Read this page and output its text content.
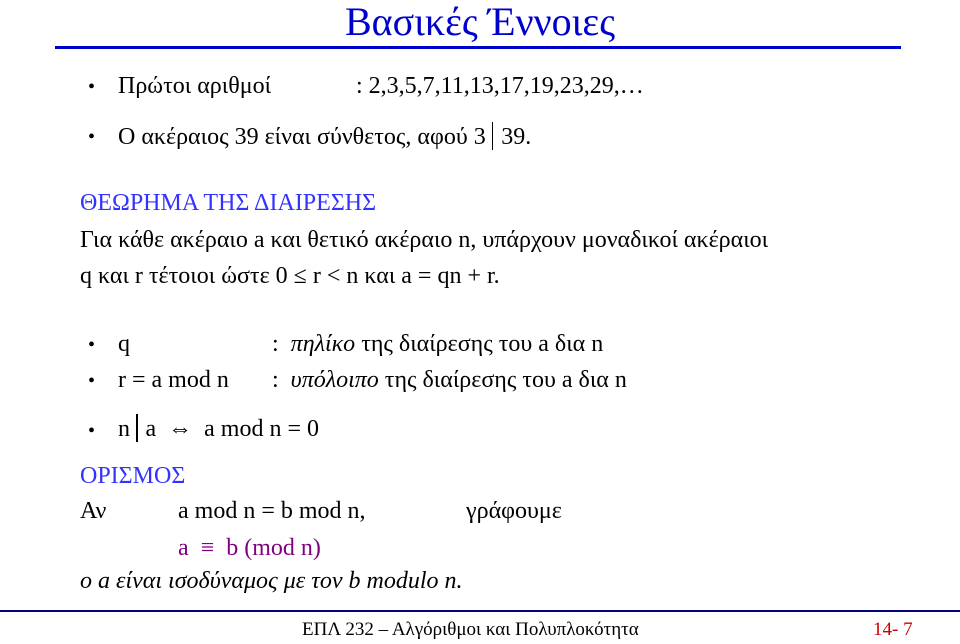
Βασικές Έννοιες
• Πρώτοι αριθμοί	: 2,3,5,7,11,13,17,19,23,29,…
• Ο ακέραιος 39 είναι σύνθετος, αφού 3 39.
ΘΕΩΡΗΜΑ ΤΗΣ ΔΙΑΙΡΕΣΗΣ
Για κάθε ακέραιο a και θετικό ακέραιο n, υπάρχουν μοναδικοί ακέραιοι
q και r τέτοιοι ώστε 0 ≤ r < n και a = qn + r.
• q	: πηλίκο της διαίρεσης του a δια n
• r = a mod n : υπόλοιπο της διαίρεσης του a δια n
• n a ⇔ a mod n = 0
ΟΡΙΣΜΟΣ
Αν	a mod n = b mod n,	γράφουμε
a ≡ b (mod n)
ο a είναι ισοδύναμος με τον b modulo n.
ΕΠΛ 232 – Αλγόριθμοι και Πολυπλοκότητα	14- 7
